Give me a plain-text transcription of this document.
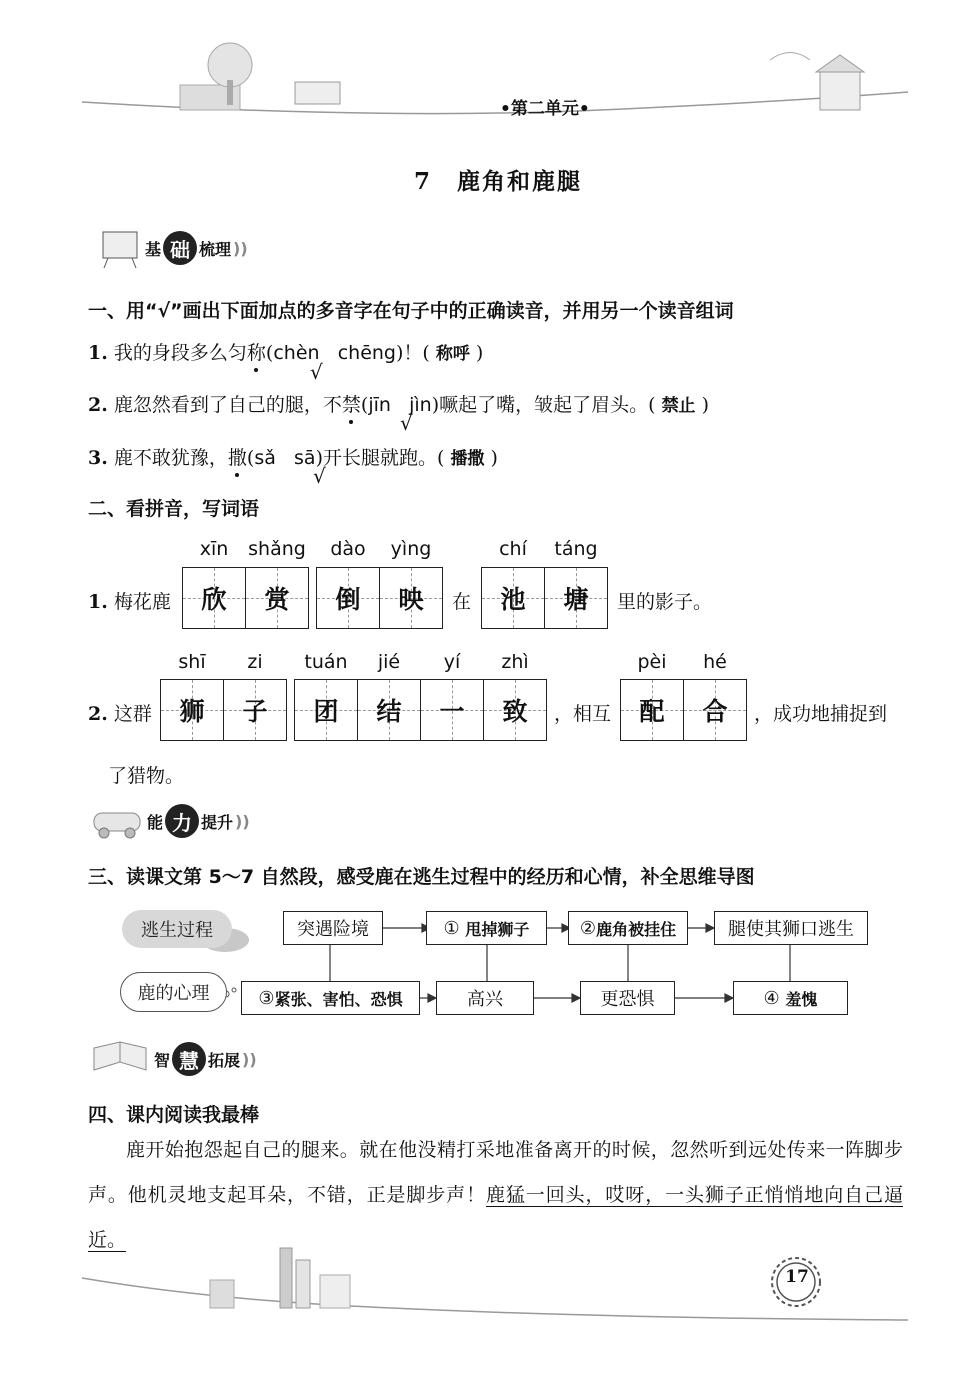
•第二单元•
7　鹿角和鹿腿
基 础 梳理 ))
一、用“√”画出下面加点的多音字在句子中的正确读音，并用另一个读音组词
1. 我的身段多么匀称(chèn chēng)！( 称呼 )
√
2. 鹿忽然看到了自己的腿，不禁(jīn jìn)噘起了嘴，皱起了眉头。( 禁止 )
√
3. 鹿不敢犹豫，撒(sǎ sā)开长腿就跑。( 播撒 )
√
二、看拼音，写词语
1. 梅花鹿
xīn	shǎng
欣 赏
dào	yìng
倒 映 在
chí	táng
池 塘 里的影子。
2. 这群
shī	zi
狮 子
tuán	jié	yí	zhì
团 结 一 致 ，相互
pèi	hé
配 合 ，成功地捕捉到
了猎物。
能 力 提升 ))
三、读课文第 5～7 自然段，感受鹿在逃生过程中的经历和心情，补全思维导图
逃生过程
鹿的心理
突遇险境	①
甩掉狮子	② 鹿角被挂住	腿使其狮口逃生
③ 紧张、害怕、恐惧	高兴	更恐惧	④
羞愧
智 慧 拓展 ))
四、课内阅读我最棒
鹿开始抱怨起自己的腿来。就在他没精打采地准备离开的时候，忽然听到远处传来一阵脚步声。他机灵地支起耳朵，不错，正是脚步声！鹿猛一回头，哎呀，一头狮子正悄悄地向自己逼近。
17
